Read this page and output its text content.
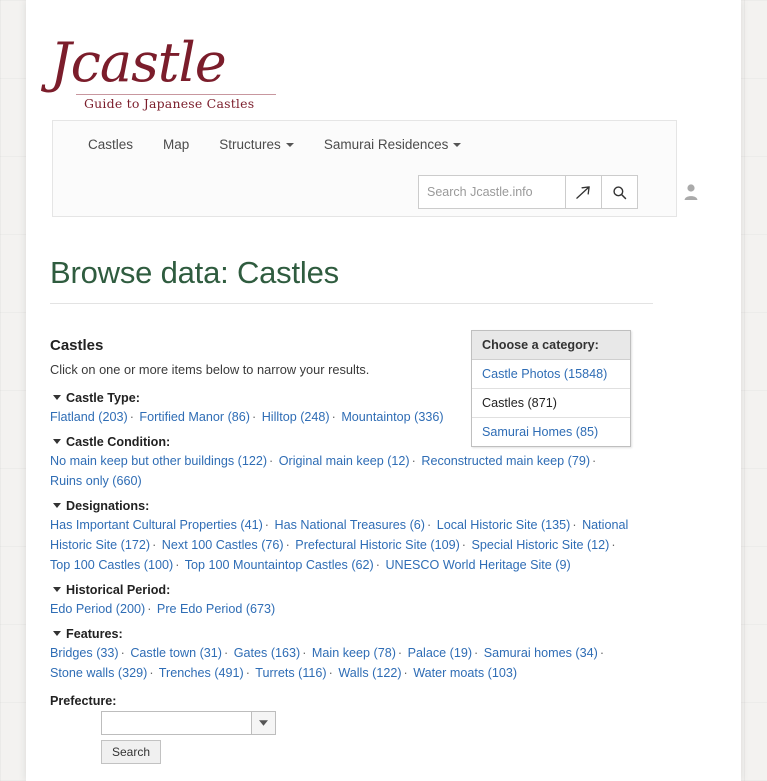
Jcastle
Guide to Japanese Castles
Castles	Map	Structures	Samurai Residences
Search Jcastle.info
Browse data: Castles
Castles
Click on one or more items below to narrow your results.
Castle Type:
Flatland (203) · Fortified Manor (86) · Hilltop (248) · Mountaintop (336)
Castle Condition:
No main keep but other buildings (122) · Original main keep (12) · Reconstructed main keep (79) · Ruins only (660)
Designations:
Has Important Cultural Properties (41) · Has National Treasures (6) · Local Historic Site (135) · National Historic Site (172) · Next 100 Castles (76) · Prefectural Historic Site (109) · Special Historic Site (12) · Top 100 Castles (100) · Top 100 Mountaintop Castles (62) · UNESCO World Heritage Site (9)
Historical Period:
Edo Period (200) · Pre Edo Period (673)
Features:
Bridges (33) · Castle town (31) · Gates (163) · Main keep (78) · Palace (19) · Samurai homes (34) · Stone walls (329) · Trenches (491) · Turrets (116) · Walls (122) · Water moats (103)
Prefecture:
Search
Choose a category:
Castle Photos (15848)
Castles (871)
Samurai Homes (85)
